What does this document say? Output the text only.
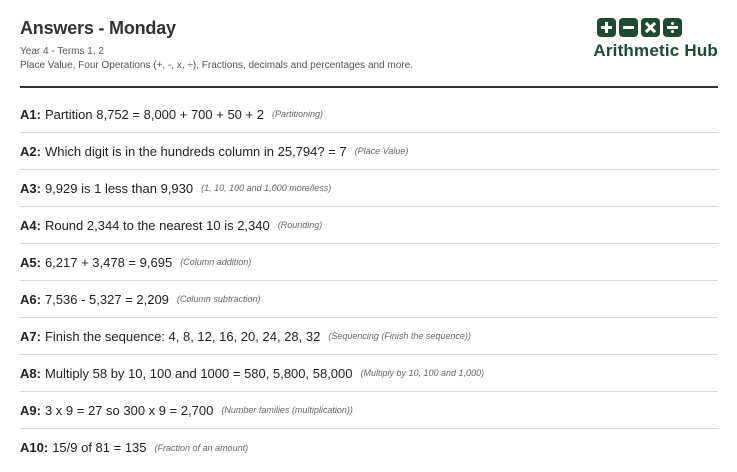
Answers - Monday
Year 4 - Terms 1, 2
Place Value, Four Operations (+, -, x, ÷), Fractions, decimals and percentages and more.
Arithmetic Hub
A1: Partition 8,752 = 8,000 + 700 + 50 + 2 (Partitioning)
A2: Which digit is in the hundreds column in 25,794? = 7 (Place Value)
A3: 9,929 is 1 less than 9,930 (1, 10, 100 and 1,000 more/less)
A4: Round 2,344 to the nearest 10 is 2,340 (Rounding)
A5: 6,217 + 3,478 = 9,695 (Column addition)
A6: 7,536 - 5,327 = 2,209 (Column subtraction)
A7: Finish the sequence: 4, 8, 12, 16, 20, 24, 28, 32 (Sequencing (Finish the sequence))
A8: Multiply 58 by 10, 100 and 1000 = 580, 5,800, 58,000 (Multiply by 10, 100 and 1,000)
A9: 3 x 9 = 27 so 300 x 9 = 2,700 (Number families (multiplication))
A10: 15/9 of 81 = 135 (Fraction of an amount)
